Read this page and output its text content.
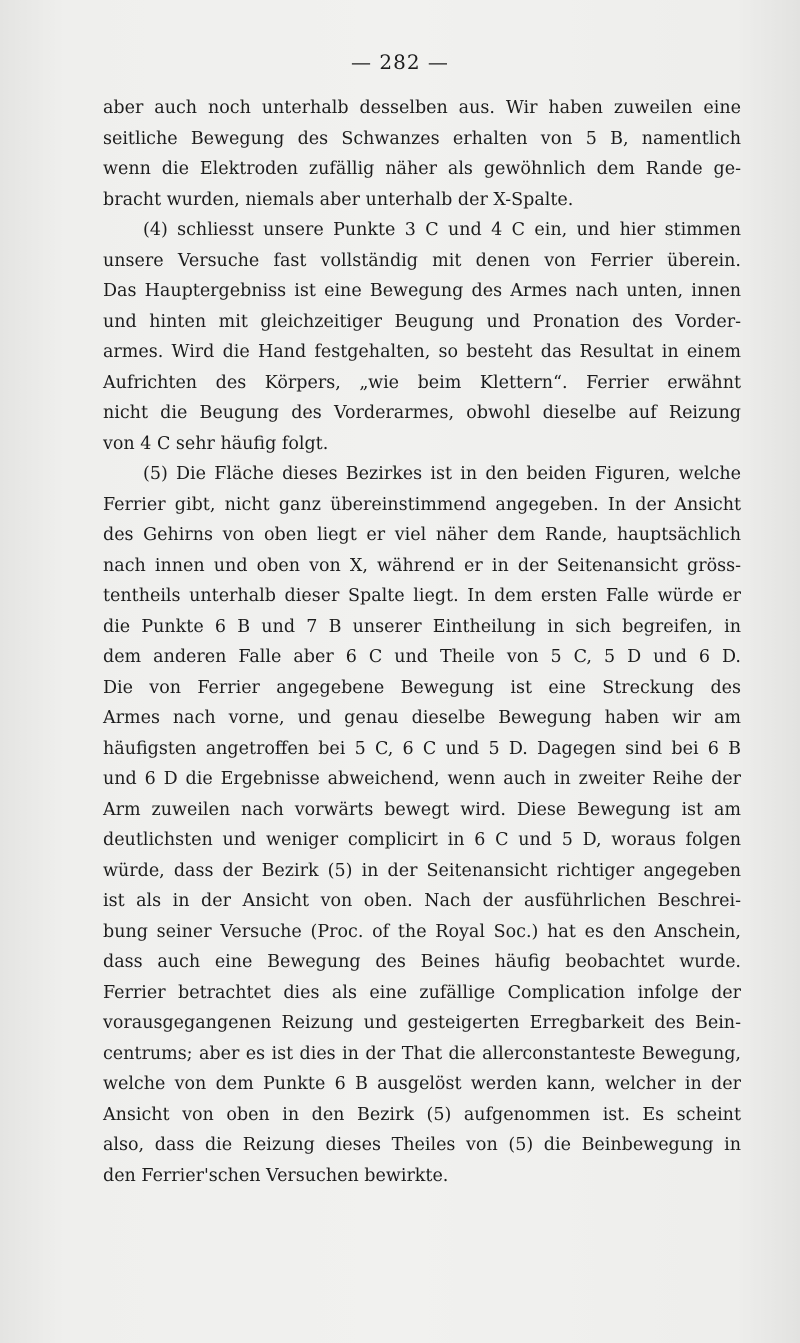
— 282 —
aber auch noch unterhalb desselben aus. Wir haben zuweilen eine
seitliche Bewegung des Schwanzes erhalten von 5 B, namentlich
wenn die Elektroden zufällig näher als gewöhnlich dem Rande ge-
bracht wurden, niemals aber unterhalb der X-Spalte.
(4) schliesst unsere Punkte 3 C und 4 C ein, und hier stimmen
unsere Versuche fast vollständig mit denen von Ferrier überein.
Das Hauptergebniss ist eine Bewegung des Armes nach unten, innen
und hinten mit gleichzeitiger Beugung und Pronation des Vorder-
armes. Wird die Hand festgehalten, so besteht das Resultat in einem
Aufrichten des Körpers, „wie beim Klettern“. Ferrier erwähnt
nicht die Beugung des Vorderarmes, obwohl dieselbe auf Reizung
von 4 C sehr häufig folgt.
(5) Die Fläche dieses Bezirkes ist in den beiden Figuren, welche
Ferrier gibt, nicht ganz übereinstimmend angegeben. In der Ansicht
des Gehirns von oben liegt er viel näher dem Rande, hauptsächlich
nach innen und oben von X, während er in der Seitenansicht gröss-
tentheils unterhalb dieser Spalte liegt. In dem ersten Falle würde er
die Punkte 6 B und 7 B unserer Eintheilung in sich begreifen, in
dem anderen Falle aber 6 C und Theile von 5 C, 5 D und 6 D.
Die von Ferrier angegebene Bewegung ist eine Streckung des
Armes nach vorne, und genau dieselbe Bewegung haben wir am
häufigsten angetroffen bei 5 C, 6 C und 5 D. Dagegen sind bei 6 B
und 6 D die Ergebnisse abweichend, wenn auch in zweiter Reihe der
Arm zuweilen nach vorwärts bewegt wird. Diese Bewegung ist am
deutlichsten und weniger complicirt in 6 C und 5 D, woraus folgen
würde, dass der Bezirk (5) in der Seitenansicht richtiger angegeben
ist als in der Ansicht von oben. Nach der ausführlichen Beschrei-
bung seiner Versuche (Proc. of the Royal Soc.) hat es den Anschein,
dass auch eine Bewegung des Beines häufig beobachtet wurde.
Ferrier betrachtet dies als eine zufällige Complication infolge der
vorausgegangenen Reizung und gesteigerten Erregbarkeit des Bein-
centrums; aber es ist dies in der That die allerconstanteste Bewegung,
welche von dem Punkte 6 B ausgelöst werden kann, welcher in der
Ansicht von oben in den Bezirk (5) aufgenommen ist. Es scheint
also, dass die Reizung dieses Theiles von (5) die Beinbewegung in
den Ferrier'schen Versuchen bewirkte.
